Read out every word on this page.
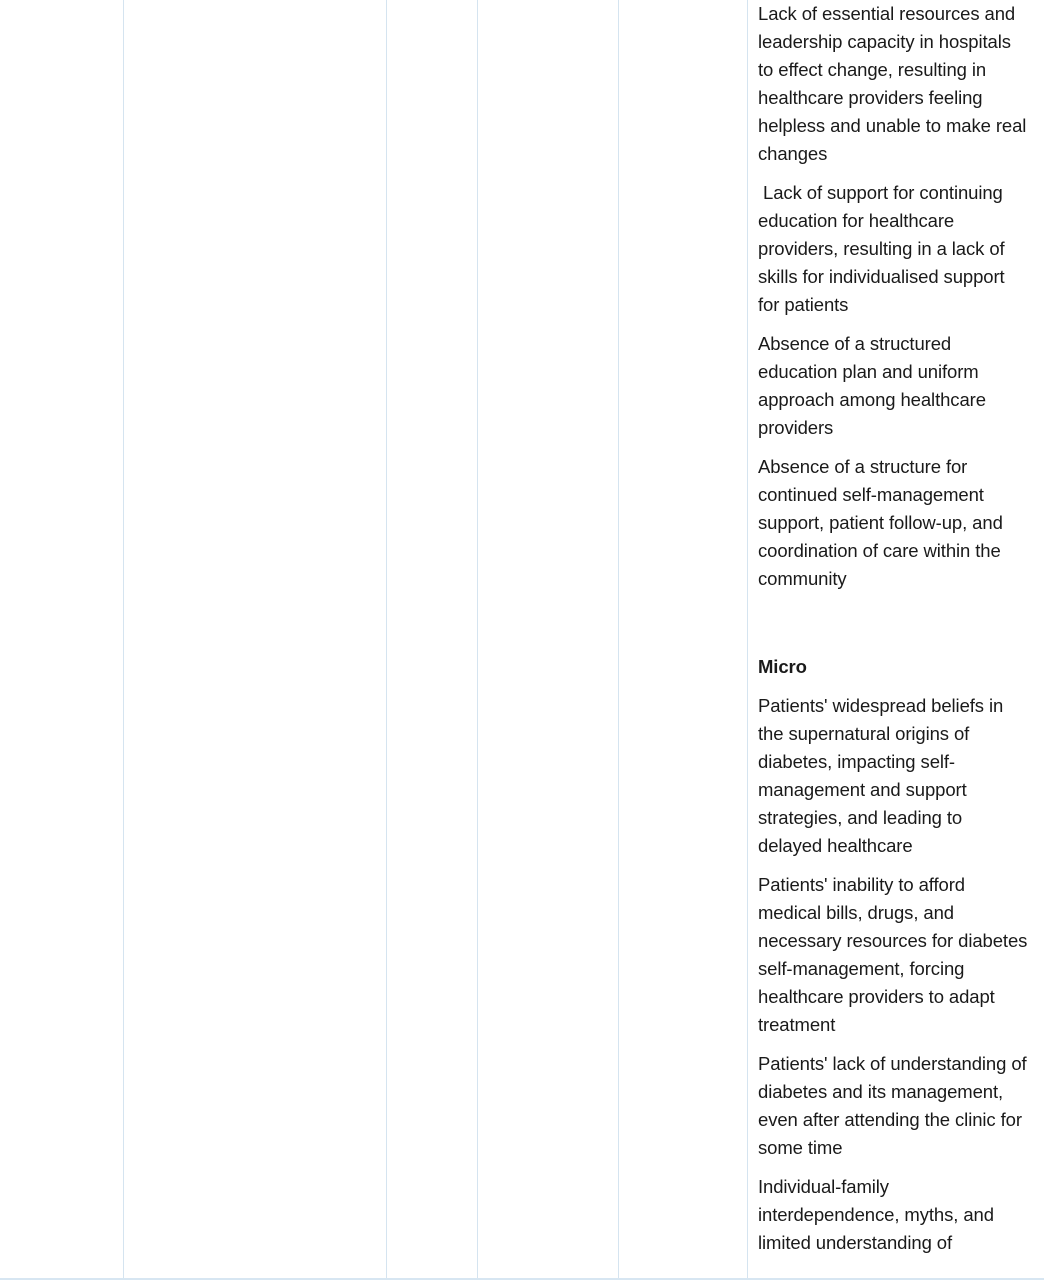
Lack of essential resources and leadership capacity in hospitals to effect change, resulting in healthcare providers feeling helpless and unable to make real changes

Lack of support for continuing education for healthcare providers, resulting in a lack of skills for individualised support for patients

Absence of a structured education plan and uniform approach among healthcare providers

Absence of a structure for continued self-management support, patient follow-up, and coordination of care within the community

Micro

Patients' widespread beliefs in the supernatural origins of diabetes, impacting self-management and support strategies, and leading to delayed healthcare

Patients' inability to afford medical bills, drugs, and necessary resources for diabetes self-management, forcing healthcare providers to adapt treatment

Patients' lack of understanding of diabetes and its management, even after attending the clinic for some time

Individual-family interdependence, myths, and limited understanding of
